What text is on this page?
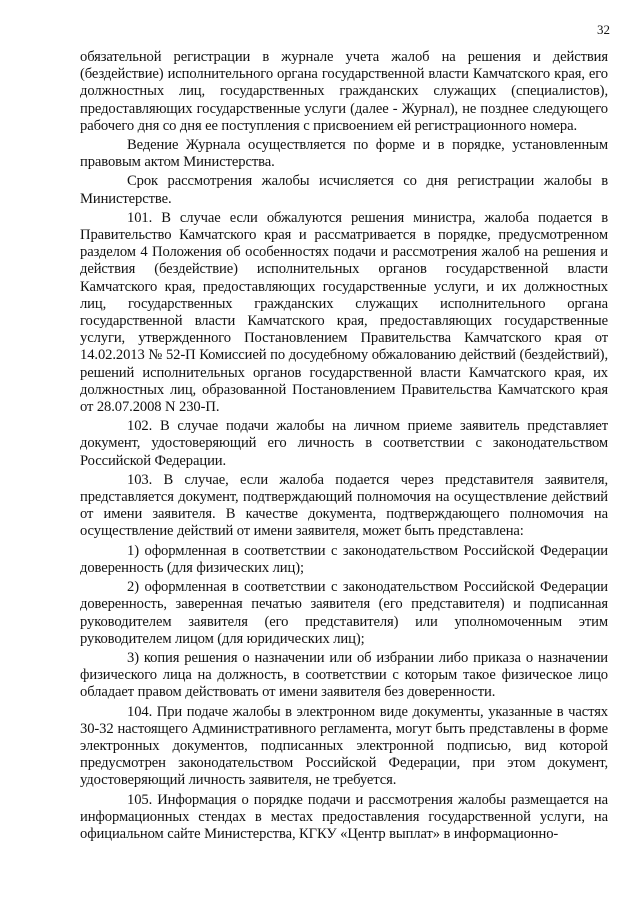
32

обязательной регистрации в журнале учета жалоб на решения и действия (бездействие) исполнительного органа государственной власти Камчатского края, его должностных лиц, государственных гражданских служащих (специалистов), предоставляющих государственные услуги (далее - Журнал), не позднее следующего рабочего дня со дня ее поступления с присвоением ей регистрационного номера.

Ведение Журнала осуществляется по форме и в порядке, установленным правовым актом Министерства.

Срок рассмотрения жалобы исчисляется со дня регистрации жалобы в Министерстве.

101. В случае если обжалуются решения министра, жалоба подается в Правительство Камчатского края и рассматривается в порядке, предусмотренном разделом 4 Положения об особенностях подачи и рассмотрения жалоб на решения и действия (бездействие) исполнительных органов государственной власти Камчатского края, предоставляющих государственные услуги, и их должностных лиц, государственных гражданских служащих исполнительного органа государственной власти Камчатского края, предоставляющих государственные услуги, утвержденного Постановлением Правительства Камчатского края от 14.02.2013 № 52-П Комиссией по досудебному обжалованию действий (бездействий), решений исполнительных органов государственной власти Камчатского края, их должностных лиц, образованной Постановлением Правительства Камчатского края от 28.07.2008 N 230-П.

102. В случае подачи жалобы на личном приеме заявитель представляет документ, удостоверяющий его личность в соответствии с законодательством Российской Федерации.

103. В случае, если жалоба подается через представителя заявителя, представляется документ, подтверждающий полномочия на осуществление действий от имени заявителя. В качестве документа, подтверждающего полномочия на осуществление действий от имени заявителя, может быть представлена:

1) оформленная в соответствии с законодательством Российской Федерации доверенность (для физических лиц);

2) оформленная в соответствии с законодательством Российской Федерации доверенность, заверенная печатью заявителя (его представителя) и подписанная руководителем заявителя (его представителя) или уполномоченным этим руководителем лицом (для юридических лиц);

3) копия решения о назначении или об избрании либо приказа о назначении физического лица на должность, в соответствии с которым такое физическое лицо обладает правом действовать от имени заявителя без доверенности.

104. При подаче жалобы в электронном виде документы, указанные в частях 30-32 настоящего Административного регламента, могут быть представлены в форме электронных документов, подписанных электронной подписью, вид которой предусмотрен законодательством Российской Федерации, при этом документ, удостоверяющий личность заявителя, не требуется.

105. Информация о порядке подачи и рассмотрения жалобы размещается на информационных стендах в местах предоставления государственной услуги, на официальном сайте Министерства, КГКУ «Центр выплат» в информационно-
